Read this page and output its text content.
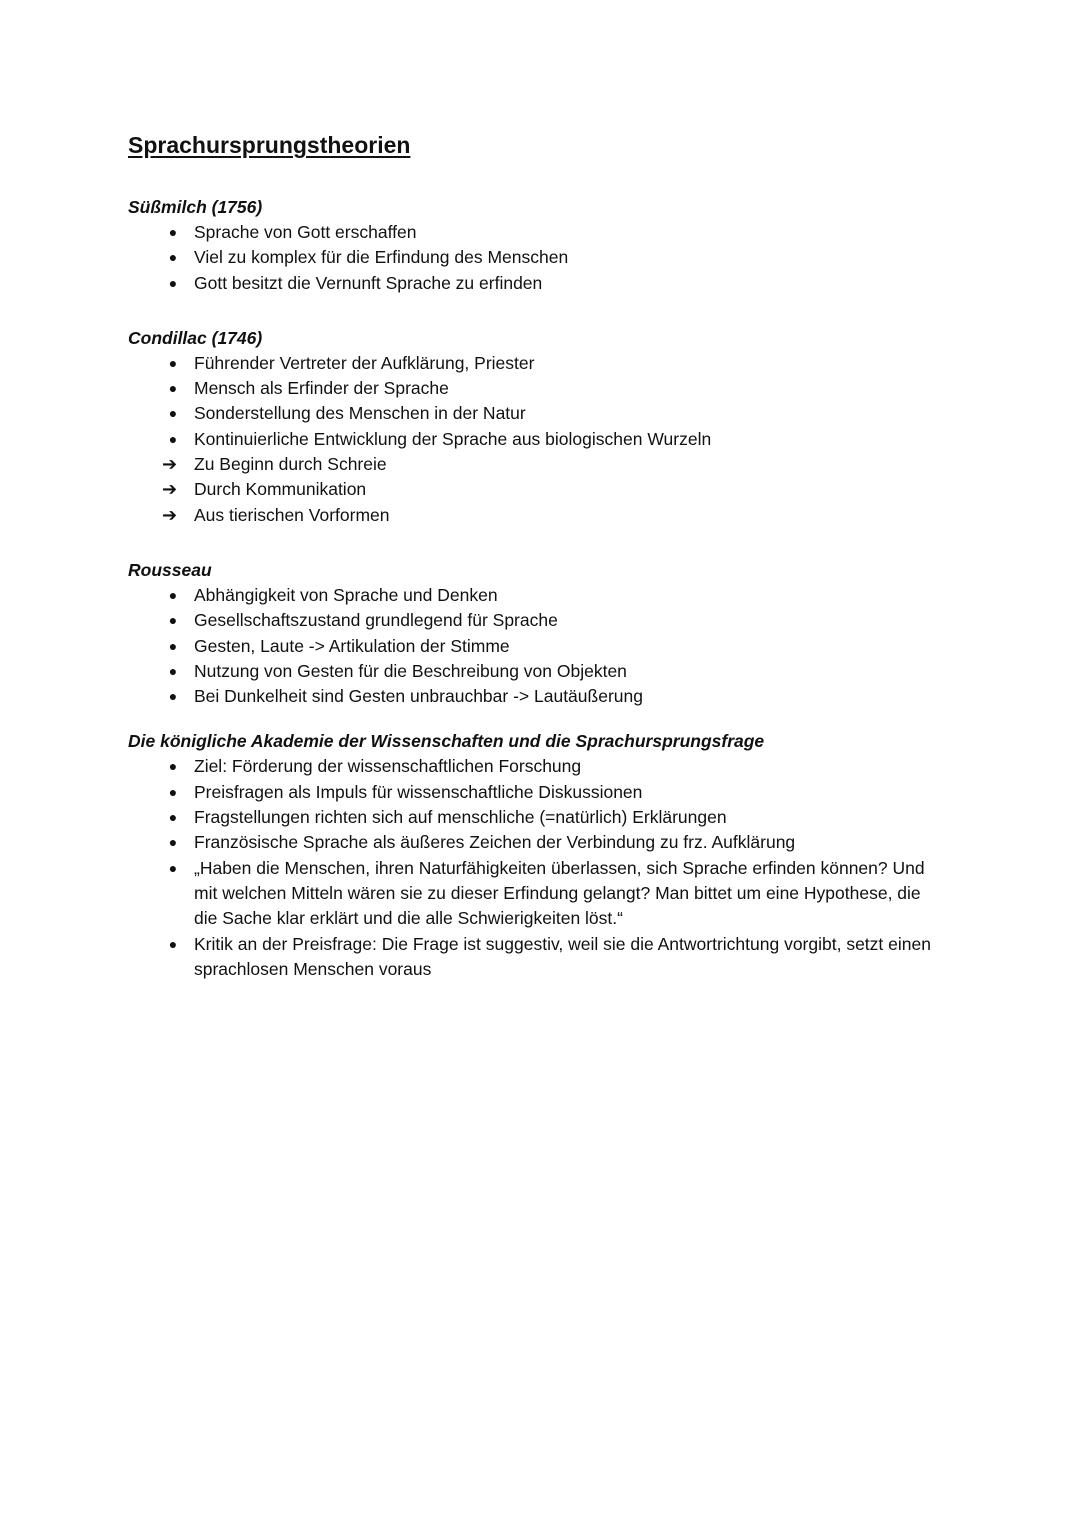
Sprachursprungstheorien
Süßmilch (1756)
● Sprache von Gott erschaffen
● Viel zu komplex für die Erfindung des Menschen
● Gott besitzt die Vernunft Sprache zu erfinden
Condillac (1746)
● Führender Vertreter der Aufklärung, Priester
● Mensch als Erfinder der Sprache
● Sonderstellung des Menschen in der Natur
● Kontinuierliche Entwicklung der Sprache aus biologischen Wurzeln
➔ Zu Beginn durch Schreie
➔ Durch Kommunikation
➔ Aus tierischen Vorformen
Rousseau
● Abhängigkeit von Sprache und Denken
● Gesellschaftszustand grundlegend für Sprache
● Gesten, Laute -> Artikulation der Stimme
● Nutzung von Gesten für die Beschreibung von Objekten
● Bei Dunkelheit sind Gesten unbrauchbar -> Lautäußerung
Die königliche Akademie der Wissenschaften und die Sprachursprungsfrage
● Ziel: Förderung der wissenschaftlichen Forschung
● Preisfragen als Impuls für wissenschaftliche Diskussionen
● Fragstellungen richten sich auf menschliche (=natürlich) Erklärungen
● Französische Sprache als äußeres Zeichen der Verbindung zu frz. Aufklärung
● „Haben die Menschen, ihren Naturfähigkeiten überlassen, sich Sprache erfinden können? Und mit welchen Mitteln wären sie zu dieser Erfindung gelangt? Man bittet um eine Hypothese, die die Sache klar erklärt und die alle Schwierigkeiten löst.“
● Kritik an der Preisfrage: Die Frage ist suggestiv, weil sie die Antwortrichtung vorgibt, setzt einen sprachlosen Menschen voraus
